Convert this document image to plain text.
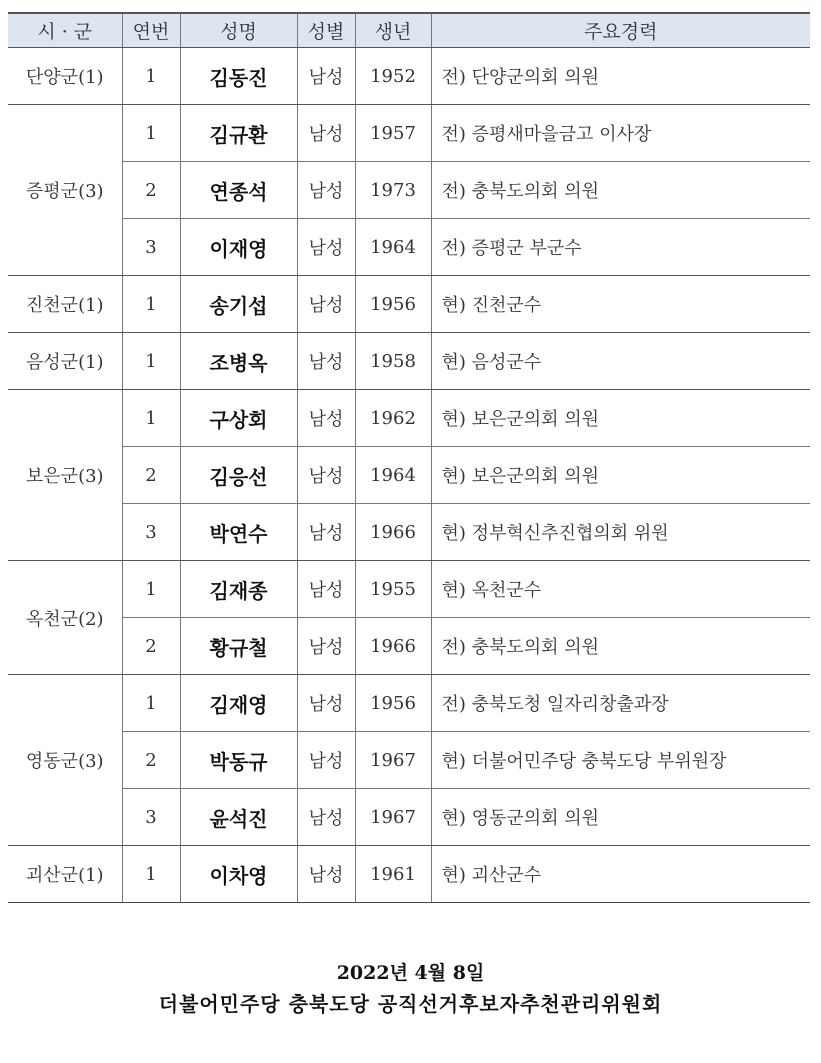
시 · 군	연번	성명	성별	생년	주요경력
단양군(1)	1	김동진	남성	1952	전) 단양군의회 의원
증평군(3)	1	김규환	남성	1957	전) 증평새마을금고 이사장
	2	연종석	남성	1973	전) 충북도의회 의원
	3	이재영	남성	1964	전) 증평군 부군수
진천군(1)	1	송기섭	남성	1956	현) 진천군수
음성군(1)	1	조병옥	남성	1958	현) 음성군수
보은군(3)	1	구상회	남성	1962	현) 보은군의회 의원
	2	김응선	남성	1964	현) 보은군의회 의원
	3	박연수	남성	1966	현) 정부혁신추진협의회 위원
옥천군(2)	1	김재종	남성	1955	현) 옥천군수
	2	황규철	남성	1966	전) 충북도의회 의원
영동군(3)	1	김재영	남성	1956	전) 충북도청 일자리창출과장
	2	박동규	남성	1967	현) 더불어민주당 충북도당 부위원장
	3	윤석진	남성	1967	현) 영동군의회 의원
괴산군(1)	1	이차영	남성	1961	현) 괴산군수
2022년 4월 8일
더불어민주당 충북도당 공직선거후보자추천관리위원회
